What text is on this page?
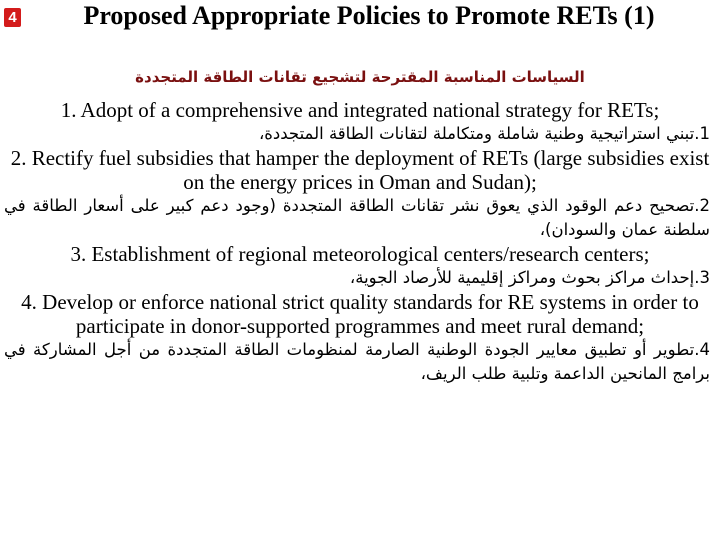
4	Proposed Appropriate Policies to Promote RETs (1)

السياسات المناسبة المقترحة لتشجيع تقانات الطاقة المتجددة

1. Adopt of a comprehensive and integrated national strategy for RETs;

1.تبني استراتيجية وطنية شاملة ومتكاملة لتقانات الطاقة المتجددة،

2. Rectify fuel subsidies that hamper the deployment of RETs (large subsidies exist on the energy prices in Oman and Sudan);

2.تصحيح دعم الوقود الذي يعوق نشر تقانات الطاقة المتجددة (وجود دعم كبير على أسعار الطاقة في سلطنة عمان والسودان)،

3. Establishment of regional meteorological centers/research centers;

3.إحداث مراكز بحوث ومراكز إقليمية للأرصاد الجوية،

4. Develop or enforce national strict quality standards for RE systems in order to participate in donor-supported programmes and meet rural demand;

4.تطوير أو تطبيق معايير الجودة الوطنية الصارمة لمنظومات الطاقة المتجددة من أجل المشاركة في برامج المانحين الداعمة وتلبية طلب الريف،
